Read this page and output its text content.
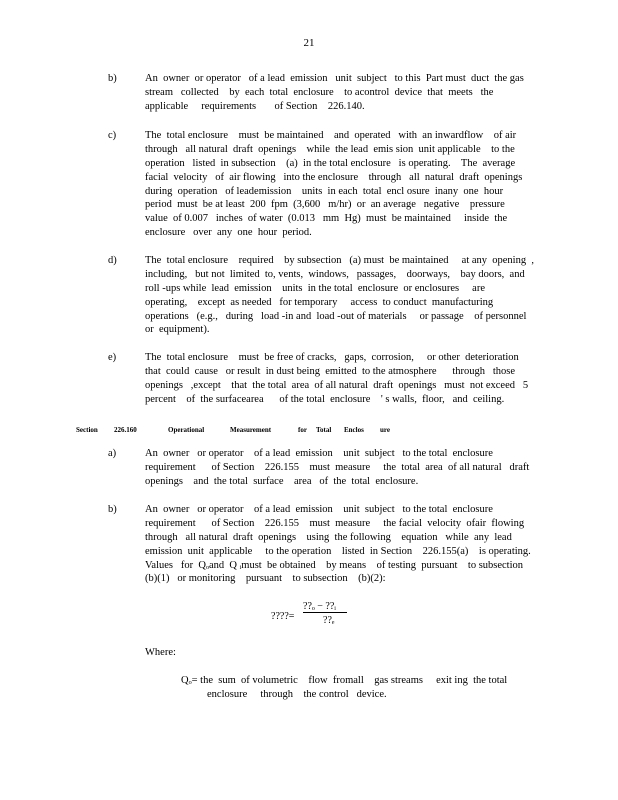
21
b)	An  owner  or operator   of a lead  emission   unit  subject   to this  Part must  duct  the gas
stream   collected    by  each  total  enclosure    to acontrol  device  that  meets   the
applicable     requirements       of Section    226.140.
c)	The  total enclosure    must  be maintained    and  operated   with  an inwardflow    of air
through   all natural  draft  openings    while  the lead  emis sion  unit applicable    to the
operation   listed  in subsection    (a)  in the total enclosure   is operating.    The  average
facial  velocity   of  air flowing   into the enclosure    through   all  natural  draft  openings
during  operation   of leademission    units  in each  total  encl osure  inany  one  hour
period  must  be at least  200  fpm  (3,600   m/hr)  or  an average   negative    pressure
value  of 0.007   inches  of water  (0.013   mm  Hg)  must  be maintained     inside  the
enclosure   over  any  one  hour  period.
d)	The  total enclosure    required    by subsection   (a) must  be maintained     at any  opening  ,
including,   but not  limited  to, vents,  windows,   passages,    doorways,    bay doors,  and
roll -ups while  lead  emission    units  in the total  enclosure  or enclosures     are
operating,    except  as needed   for temporary     access  to conduct  manufacturing
operations   (e.g.,   during   load -in and  load -out of materials     or passage    of personnel
or  equipment).
e)	The  total enclosure    must  be free of cracks,   gaps,  corrosion,     or other  deterioration
that  could  cause   or result  in dust being  emitted  to the atmosphere      through   those
openings   ,except    that  the total  area  of all natural  draft  openings   must  not exceed   5
percent    of  the surfacearea      of the total  enclosure    ' s walls,  floor,   and  ceiling.

Section

226.160

	Operational

	Measurement

	for

Total

Enclos

ure

a)	An  owner   or operator    of a lead  emission    unit  subject   to the total  enclosure
requirement      of Section    226.155    must  measure     the  total  area  of all natural   draft
openings    and  the total  surface    area   of  the  total  enclosure.
b)	An  owner   or operator    of a lead  emission    unit  subject   to the total  enclosure
requirement      of Section    226.155    must  measure     the facial  velocity  ofair  flowing
through   all natural  draft  openings    using  the following    equation   while  any  lead
emission  unit  applicable     to the operation    listed  in Section    226.155(a)    is operating.
Values   for  Qₒand  Q ᵢmust  be obtained    by means    of testing  pursuant    to subsection
(b)(1)   or monitoring    pursuant    to subsection    (b)(2):

????=

??ₒ − ??ᵢ

??ₑ

Where:
Qₒ= the  sum  of volumetric    flow  fromall    gas streams     exit ing  the total
enclosure     through    the control   device.
